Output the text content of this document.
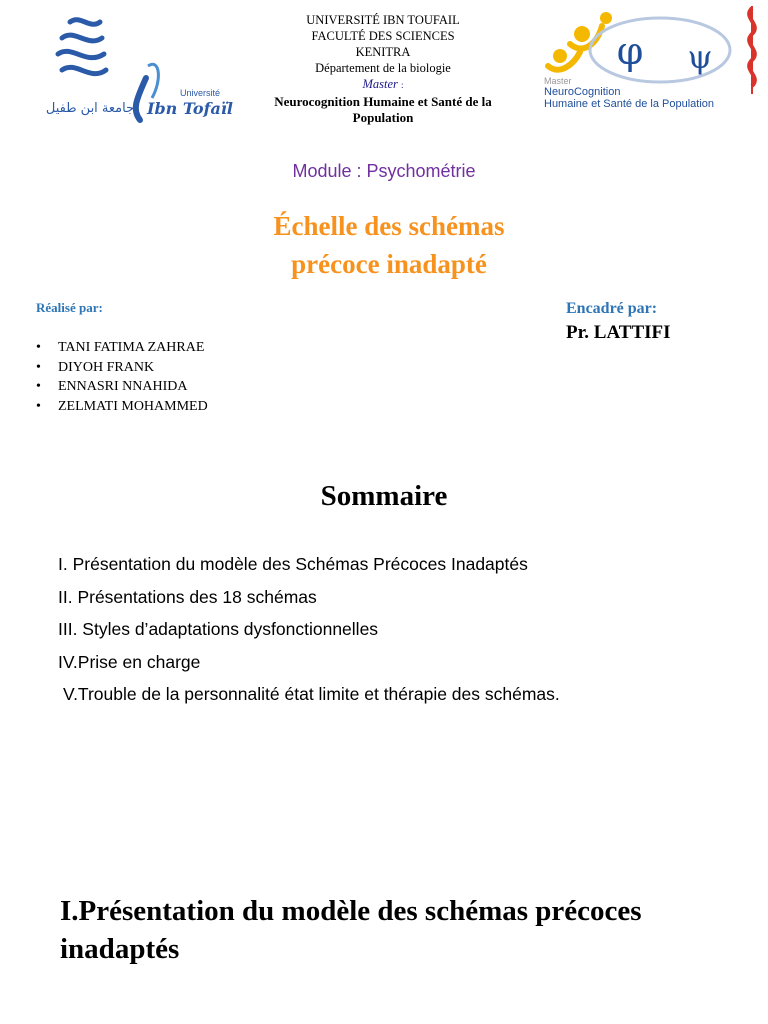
Université
Ibn Tofaïl
جامعة ابن طفيل
UNIVERSITÉ IBN TOUFAIL
FACULTÉ DES SCIENCES
KENITRA
Département de la biologie
Master :
Neurocognition Humaine et Santé de la Population
φ ψ
Master
NeuroCognition
Humaine et Santé de la Population
Module : Psychométrie
Échelle des schémas
précoce inadapté
Réalisé par:
• TANI FATIMA ZAHRAE
• DIYOH FRANK
• ENNASRI NNAHIDA
• ZELMATI MOHAMMED
Encadré par:
Pr. LATTIFI
Sommaire
I. Présentation du modèle des Schémas Précoces Inadaptés
II. Présentations des 18 schémas
III. Styles d’adaptations dysfonctionnelles
IV.Prise en charge
V.Trouble de la personnalité état limite et thérapie des schémas.
I.Présentation du modèle des schémas précoces inadaptés
